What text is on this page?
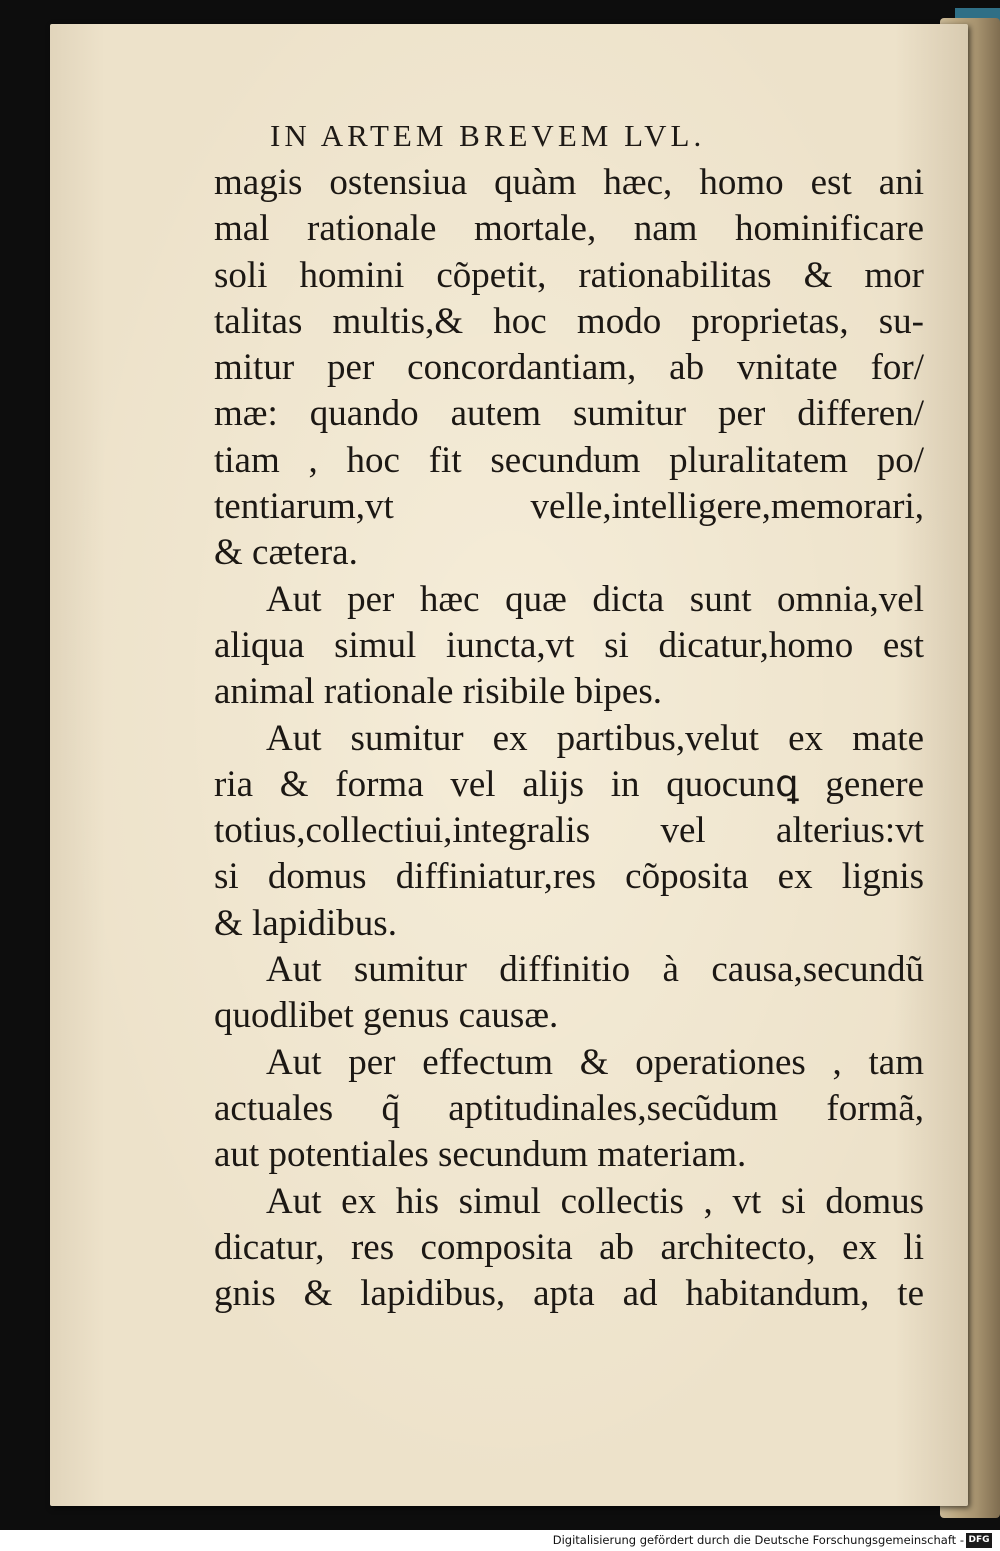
IN ARTEM BREVEM LVL.
magis ostensiua quàm hæc, homo est ani
mal rationale mortale, nam hominificare
soli homini cõpetit, rationabilitas & mor
talitas multis,& hoc modo proprietas, su-
mitur per concordantiam, ab vnitate for/
mæ: quando autem sumitur per differen/
tiam , hoc fit secundum pluralitatem po/
tentiarum,vt velle,intelligere,memorari,
& cætera.
Aut per hæc quæ dicta sunt omnia,vel
aliqua simul iuncta,vt si dicatur,homo est
animal rationale risibile bipes.
Aut sumitur ex partibus,velut ex mate
ria & forma vel alijs in quocunꝗ genere
totius,collectiui,integralis vel alterius:vt
si domus diffiniatur,res cõposita ex lignis
& lapidibus.
Aut sumitur diffinitio à causa,secundũ
quodlibet genus causæ.
Aut per effectum & operationes , tam
actuales q̃ aptitudinales,secũdum formã,
aut potentiales secundum materiam.
Aut ex his simul collectis , vt si domus
dicatur, res composita ab architecto, ex li
gnis & lapidibus, apta ad habitandum, te
Digitalisierung gefördert durch die Deutsche Forschungsgemeinschaft - DFG
